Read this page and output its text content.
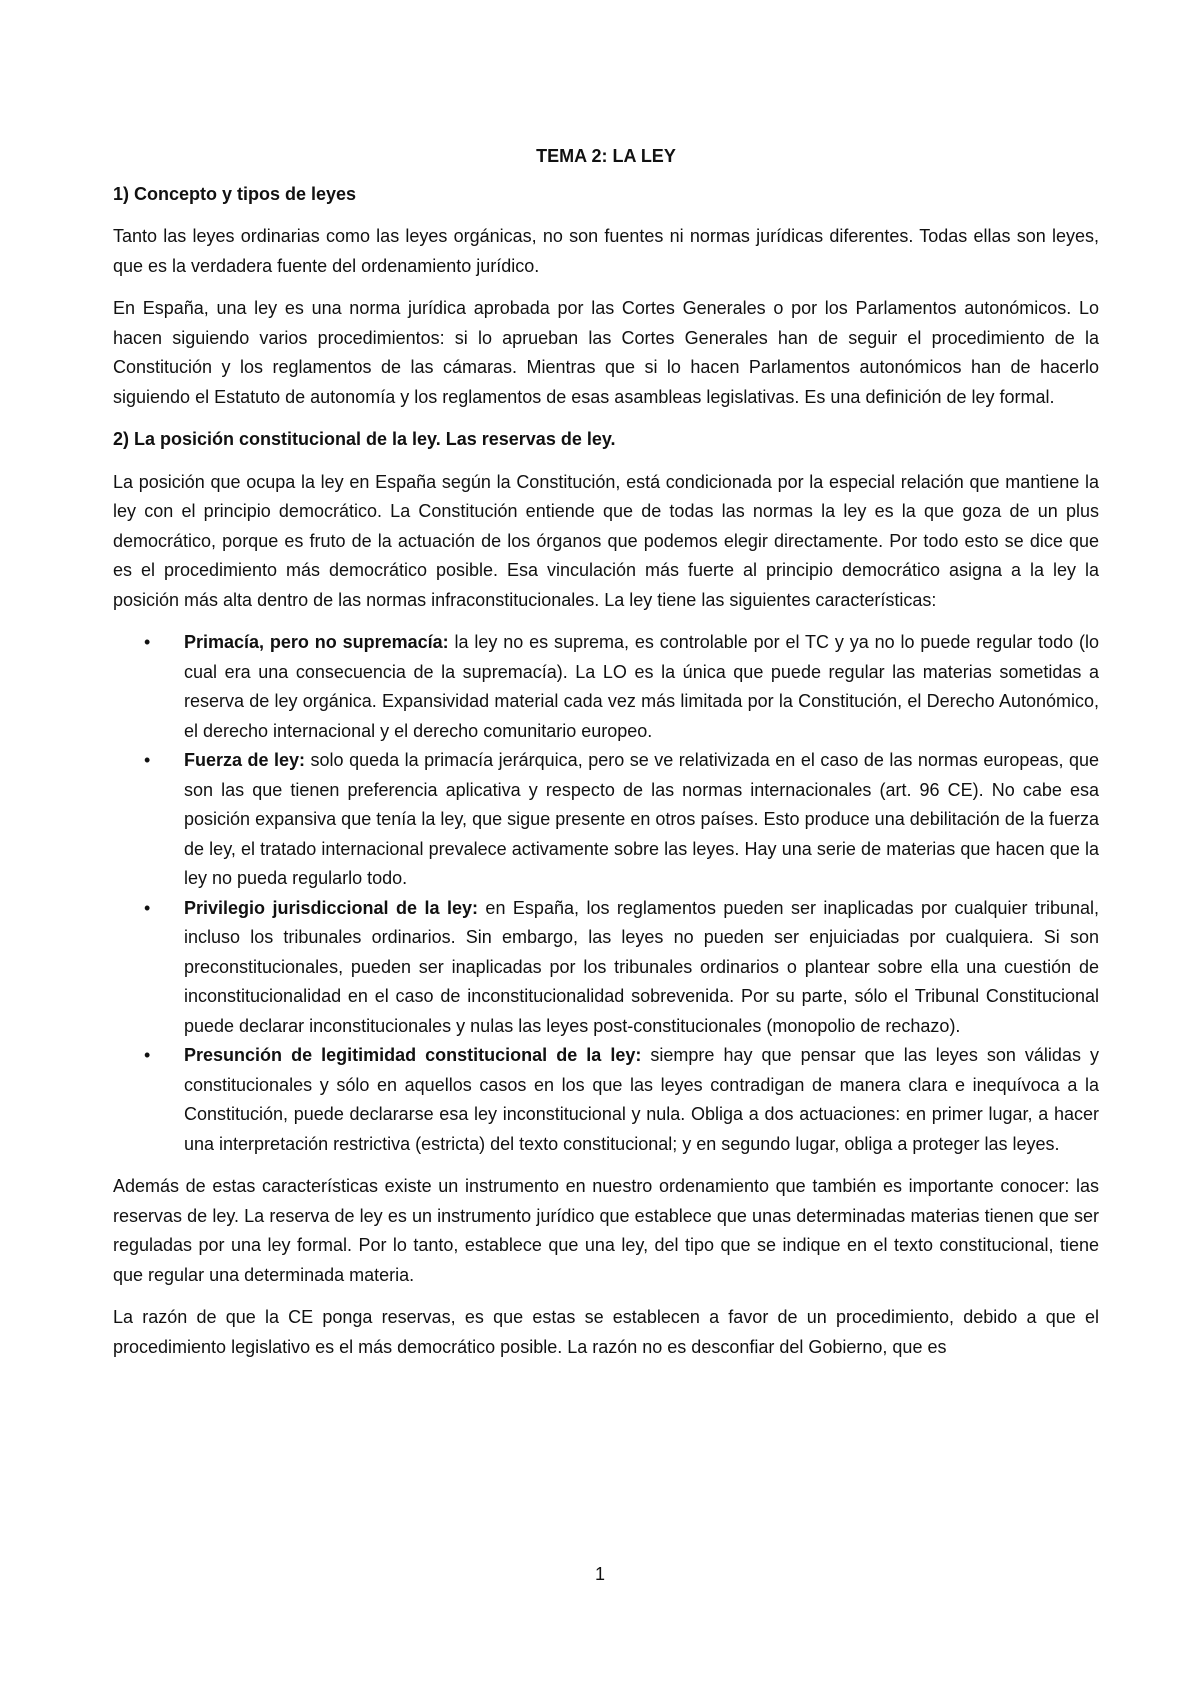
TEMA 2: LA LEY

1) Concepto y tipos de leyes

Tanto las leyes ordinarias como las leyes orgánicas, no son fuentes ni normas jurídicas diferentes. Todas ellas son leyes, que es la verdadera fuente del ordenamiento jurídico.

En España, una ley es una norma jurídica aprobada por las Cortes Generales o por los Parlamentos autonómicos. Lo hacen siguiendo varios procedimientos: si lo aprueban las Cortes Generales han de seguir el procedimiento de la Constitución y los reglamentos de las cámaras. Mientras que si lo hacen Parlamentos autonómicos han de hacerlo siguiendo el Estatuto de autonomía y los reglamentos de esas asambleas legislativas. Es una definición de ley formal.

2) La posición constitucional de la ley. Las reservas de ley.

La posición que ocupa la ley en España según la Constitución, está condicionada por la especial relación que mantiene la ley con el principio democrático. La Constitución entiende que de todas las normas la ley es la que goza de un plus democrático, porque es fruto de la actuación de los órganos que podemos elegir directamente. Por todo esto se dice que es el procedimiento más democrático posible. Esa vinculación más fuerte al principio democrático asigna a la ley la posición más alta dentro de las normas infraconstitucionales. La ley tiene las siguientes características:

• Primacía, pero no supremacía: la ley no es suprema, es controlable por el TC y ya no lo puede regular todo (lo cual era una consecuencia de la supremacía). La LO es la única que puede regular las materias sometidas a reserva de ley orgánica. Expansividad material cada vez más limitada por la Constitución, el Derecho Autonómico, el derecho internacional y el derecho comunitario europeo.
• Fuerza de ley: solo queda la primacía jerárquica, pero se ve relativizada en el caso de las normas europeas, que son las que tienen preferencia aplicativa y respecto de las normas internacionales (art. 96 CE). No cabe esa posición expansiva que tenía la ley, que sigue presente en otros países. Esto produce una debilitación de la fuerza de ley, el tratado internacional prevalece activamente sobre las leyes. Hay una serie de materias que hacen que la ley no pueda regularlo todo.
• Privilegio jurisdiccional de la ley: en España, los reglamentos pueden ser inaplicadas por cualquier tribunal, incluso los tribunales ordinarios. Sin embargo, las leyes no pueden ser enjuiciadas por cualquiera. Si son preconstitucionales, pueden ser inaplicadas por los tribunales ordinarios o plantear sobre ella una cuestión de inconstitucionalidad en el caso de inconstitucionalidad sobrevenida. Por su parte, sólo el Tribunal Constitucional puede declarar inconstitucionales y nulas las leyes post-constitucionales (monopolio de rechazo).
• Presunción de legitimidad constitucional de la ley: siempre hay que pensar que las leyes son válidas y constitucionales y sólo en aquellos casos en los que las leyes contradigan de manera clara e inequívoca a la Constitución, puede declararse esa ley inconstitucional y nula. Obliga a dos actuaciones: en primer lugar, a hacer una interpretación restrictiva (estricta) del texto constitucional; y en segundo lugar, obliga a proteger las leyes.

Además de estas características existe un instrumento en nuestro ordenamiento que también es importante conocer: las reservas de ley. La reserva de ley es un instrumento jurídico que establece que unas determinadas materias tienen que ser reguladas por una ley formal. Por lo tanto, establece que una ley, del tipo que se indique en el texto constitucional, tiene que regular una determinada materia.

La razón de que la CE ponga reservas, es que estas se establecen a favor de un procedimiento, debido a que el procedimiento legislativo es el más democrático posible. La razón no es desconfiar del Gobierno, que es

1
